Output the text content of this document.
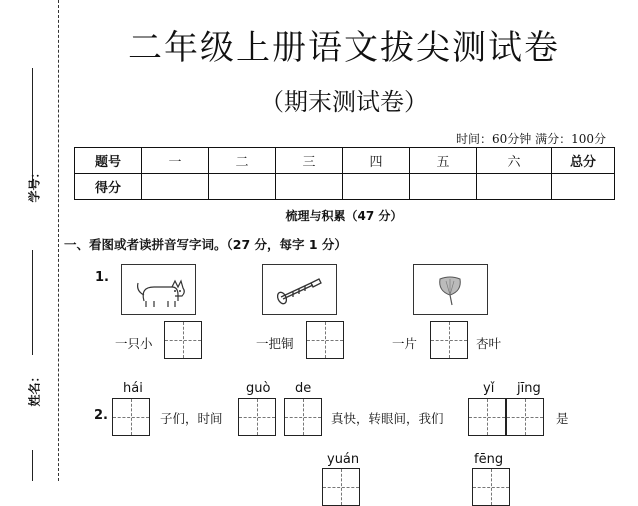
学号：
姓名：
二年级上册语文拔尖测试卷
（期末测试卷）
时间：60分钟 满分：100分
题号	一	二	三	四	五	六	总分
得分							
梳理与积累（47 分）
一、看图或者读拼音写字词。（27 分，每字 1 分）
1.
一只小	一把铜	一片	杏叶
hái	guò de	yǐ jīng
2.	子们，时间	真快，转眼间，我们	是
yuán	fēng
